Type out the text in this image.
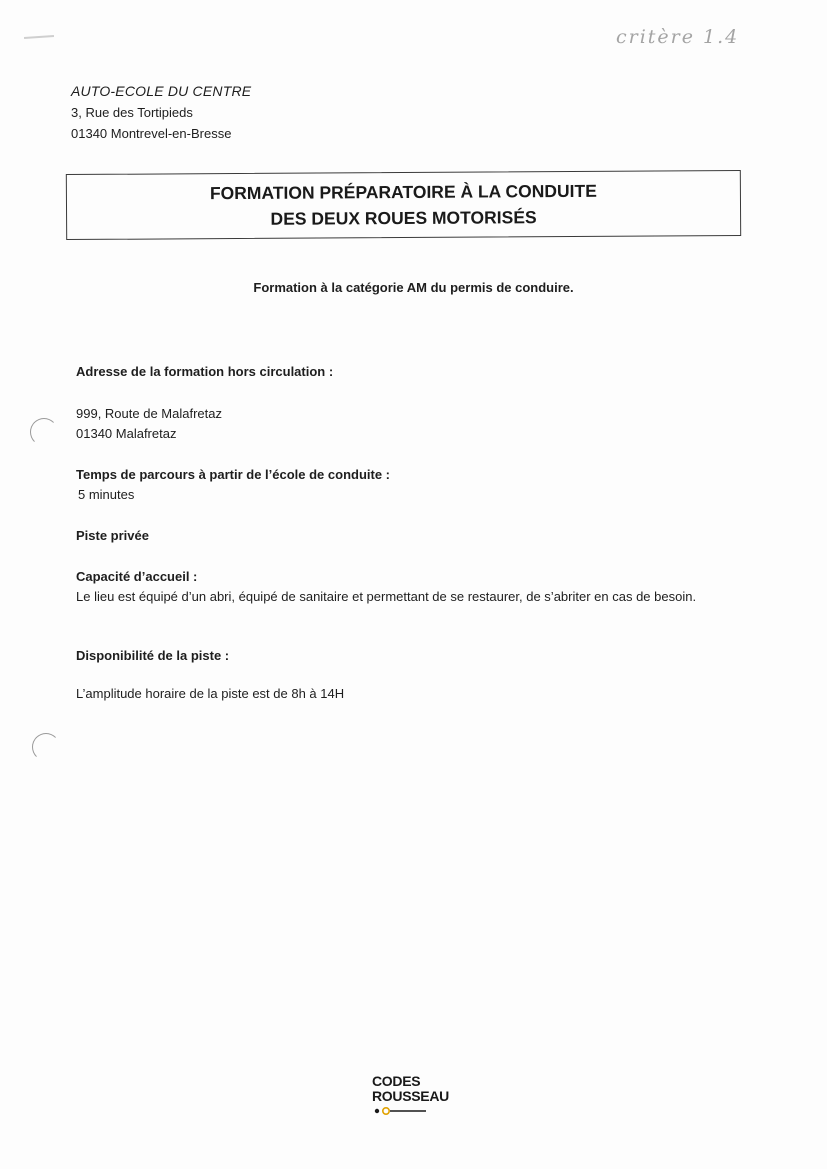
critère 1.4
AUTO-ECOLE DU CENTRE
3, Rue des Tortipieds
01340 Montrevel-en-Bresse
FORMATION PRÉPARATOIRE À LA CONDUITE
DES DEUX ROUES MOTORISÉS
Formation à la catégorie AM du permis de conduire.
Adresse de la formation hors circulation :
999, Route de Malafretaz
01340 Malafretaz
Temps de parcours à partir de l’école de conduite :
5 minutes
Piste privée
Capacité d’accueil :
Le lieu est équipé d’un abri, équipé de sanitaire et permettant de se restaurer, de s’abriter en cas de besoin.
Disponibilité de la piste :
L’amplitude horaire de la piste est de 8h à 14H
CODES
ROUSSEAU
